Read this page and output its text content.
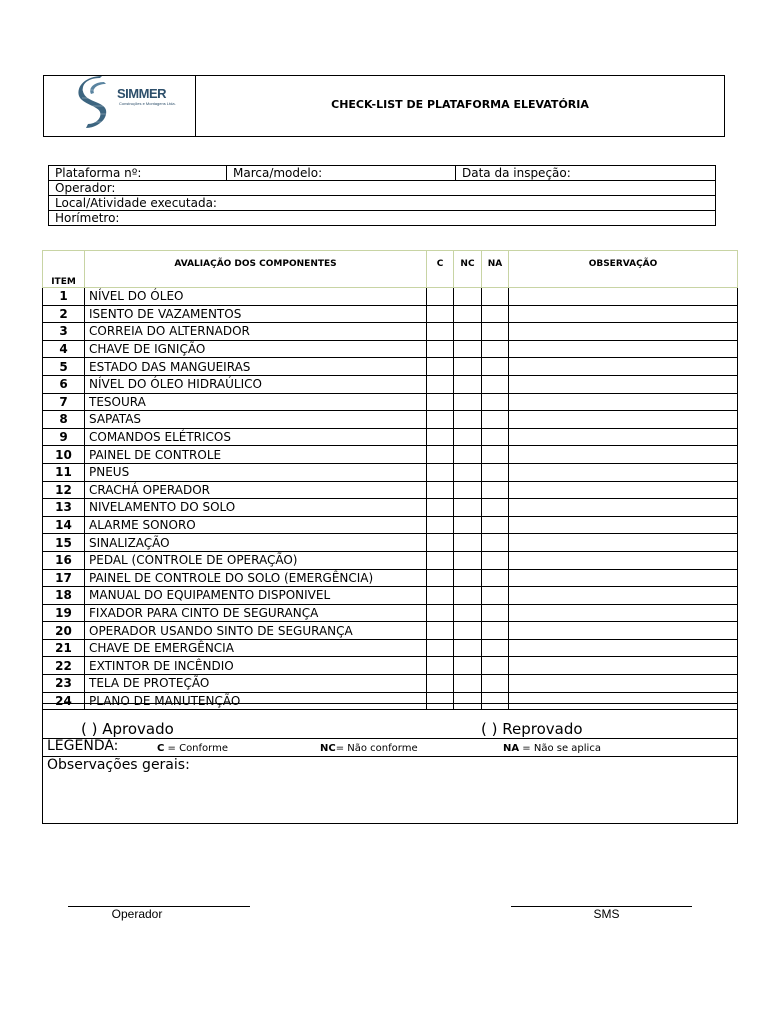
SIMMER
Construções e Montagens Ltda.	CHECK-LIST DE PLATAFORMA ELEVATÓRIA
Plataforma nº:	Marca/modelo:	Data da inspeção:
Operador:
Local/Atividade executada:
Horímetro:
ITEM	AVALIAÇÃO DOS COMPONENTES	C	NC	NA	OBSERVAÇÃO
1	NÍVEL DO ÓLEO				
2	ISENTO DE VAZAMENTOS				
3	CORREIA DO ALTERNADOR				
4	CHAVE DE IGNIÇÃO				
5	ESTADO DAS MANGUEIRAS				
6	NÍVEL DO ÓLEO HIDRAÚLICO				
7	TESOURA				
8	SAPATAS				
9	COMANDOS ELÉTRICOS				
10	PAINEL DE CONTROLE				
11	PNEUS				
12	CRACHÁ OPERADOR				
13	NIVELAMENTO DO SOLO				
14	ALARME SONORO				
15	SINALIZAÇÃO				
16	PEDAL (CONTROLE DE OPERAÇÃO)				
17	PAINEL DE CONTROLE DO SOLO (EMERGÊNCIA)				
18	MANUAL DO EQUIPAMENTO DISPONIVEL				
19	FIXADOR PARA CINTO DE SEGURANÇA				
20	OPERADOR USANDO SINTO DE SEGURANÇA				
21	CHAVE DE EMERGÊNCIA				
22	EXTINTOR DE INCÊNDIO				
23	TELA DE PROTEÇÃO				
24	PLANO DE MANUTENÇÃO				
( ) Aprovado	( ) Reprovado
LEGENDA:	C = Conforme	NC= Não conforme	NA = Não se aplica
Observações gerais:
Operador	SMS
